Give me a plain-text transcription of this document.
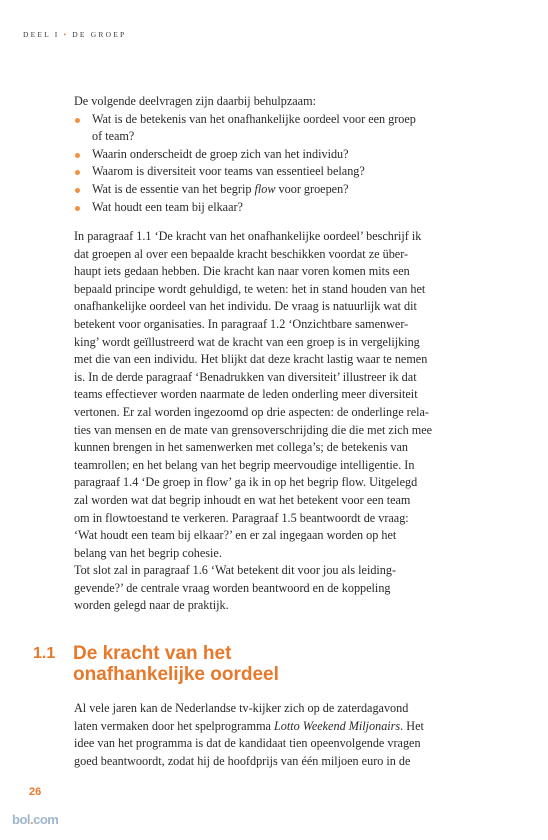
DEEL I • DE GROEP

De volgende deelvragen zijn daarbij behulpzaam:

Wat is de betekenis van het onafhankelijke oordeel voor een groep
of team?
Waarin onderscheidt de groep zich van het individu?
Waarom is diversiteit voor teams van essentieel belang?
Wat is de essentie van het begrip flow voor groepen?
Wat houdt een team bij elkaar?

In paragraaf 1.1 ‘De kracht van het onafhankelijke oordeel’ beschrijf ik
dat groepen al over een bepaalde kracht beschikken voordat ze über-
haupt iets gedaan hebben. Die kracht kan naar voren komen mits een
bepaald principe wordt gehuldigd, te weten: het in stand houden van het
onafhankelijke oordeel van het individu. De vraag is natuurlijk wat dit
betekent voor organisaties. In paragraaf 1.2 ‘Onzichtbare samenwer-
king’ wordt geïllustreerd wat de kracht van een groep is in vergelijking
met die van een individu. Het blijkt dat deze kracht lastig waar te nemen
is. In de derde paragraaf ‘Benadrukken van diversiteit’ illustreer ik dat
teams effectiever worden naarmate de leden onderling meer diversiteit
vertonen. Er zal worden ingezoomd op drie aspecten: de onderlinge rela-
ties van mensen en de mate van grensoverschrijding die die met zich mee
kunnen brengen in het samenwerken met collega’s; de betekenis van
teamrollen; en het belang van het begrip meervoudige intelligentie. In
paragraaf 1.4 ‘De groep in flow’ ga ik in op het begrip flow. Uitgelegd
zal worden wat dat begrip inhoudt en wat het betekent voor een team
om in flowtoestand te verkeren. Paragraaf 1.5 beantwoordt de vraag:
‘Wat houdt een team bij elkaar?’ en er zal ingegaan worden op het
belang van het begrip cohesie.
Tot slot zal in paragraaf 1.6 ‘Wat betekent dit voor jou als leiding-
gevende?’ de centrale vraag worden beantwoord en de koppeling
worden gelegd naar de praktijk.

1.1 De kracht van het
onafhankelijke oordeel

Al vele jaren kan de Nederlandse tv-kijker zich op de zaterdagavond
laten vermaken door het spelprogramma Lotto Weekend Miljonairs. Het
idee van het programma is dat de kandidaat tien opeenvolgende vragen
goed beantwoordt, zodat hij de hoofdprijs van één miljoen euro in de

26
bol.com
